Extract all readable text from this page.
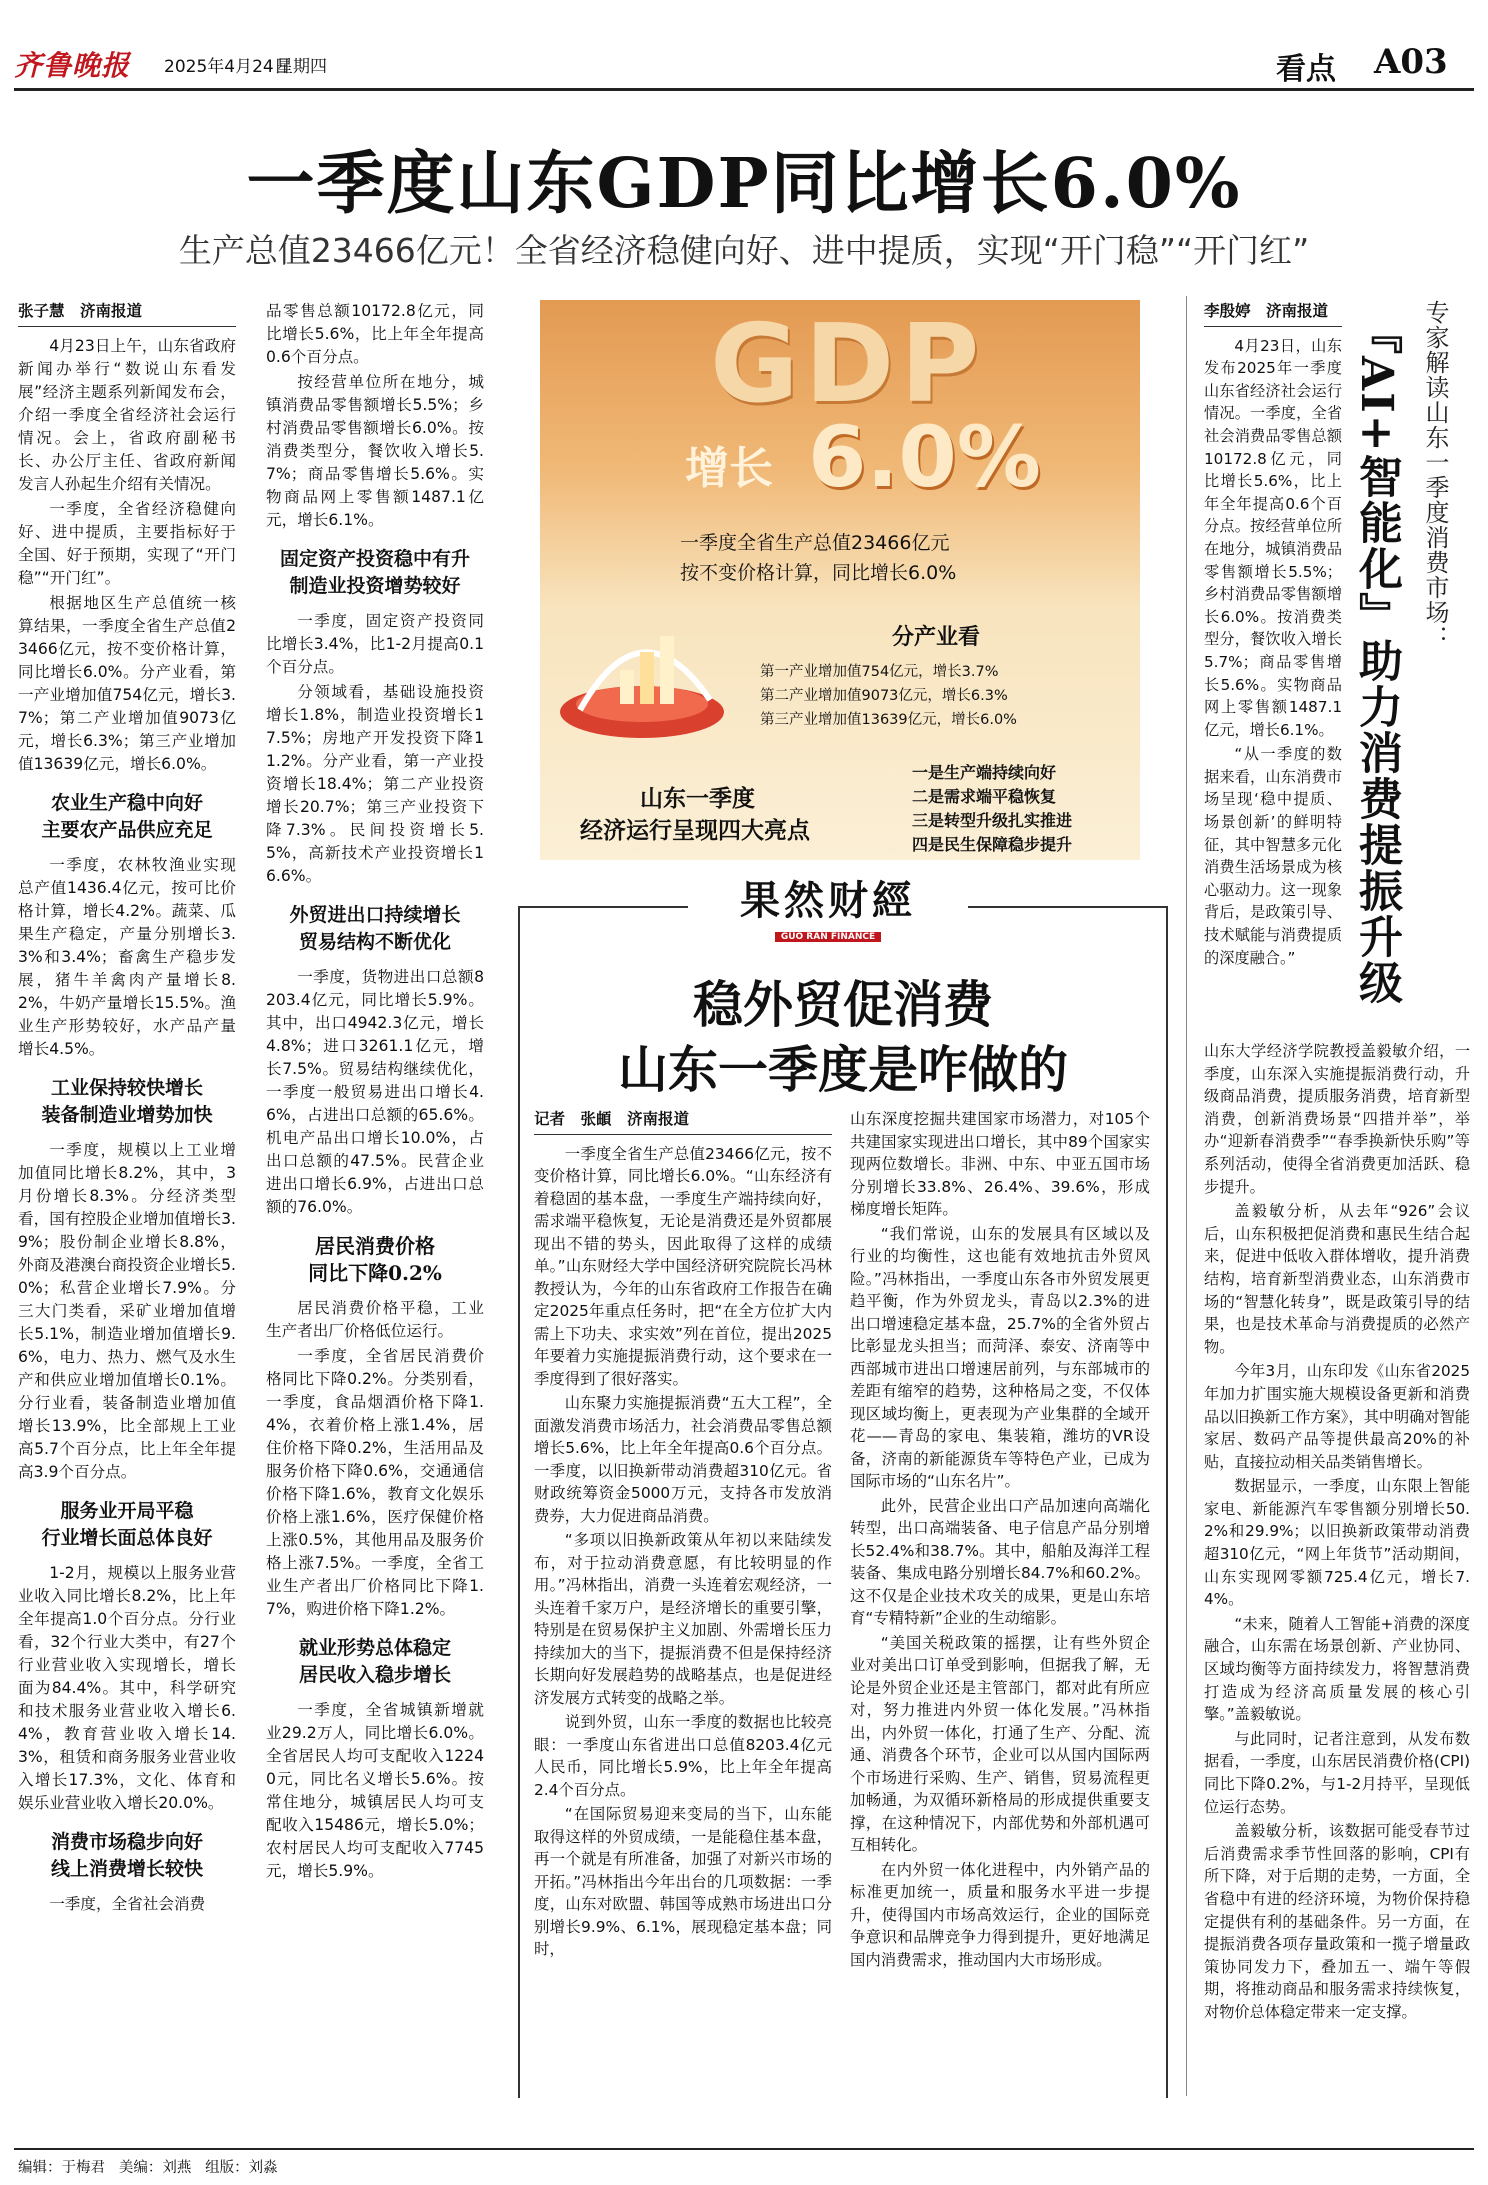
齐鲁晚报 2025年4月24日
星期四	看点 A03
一季度山东GDP同比增长6.0%
生产总值23466亿元！全省经济稳健向好、进中提质，实现“开门稳”“开门红”
张子慧　济南报道

4月23日上午，山东省政府新闻办举行“数说山东看发展”经济主题系列新闻发布会，介绍一季度全省经济社会运行情况。会上，省政府副秘书长、办公厅主任、省政府新闻发言人孙起生介绍有关情况。

一季度，全省经济稳健向好、进中提质，主要指标好于全国、好于预期，实现了“开门稳”“开门红”。

根据地区生产总值统一核算结果，一季度全省生产总值23466亿元，按不变价格计算，同比增长6.0%。分产业看，第一产业增加值754亿元，增长3.7%；第二产业增加值9073亿元，增长6.3%；第三产业增加值13639亿元，增长6.0%。

农业生产稳中向好
主要农产品供应充足

一季度，农林牧渔业实现总产值1436.4亿元，按可比价格计算，增长4.2%。蔬菜、瓜果生产稳定，产量分别增长3.3%和3.4%；畜禽生产稳步发展，猪牛羊禽肉产量增长8.2%，牛奶产量增长15.5%。渔业生产形势较好，水产品产量增长4.5%。

工业保持较快增长
装备制造业增势加快

一季度，规模以上工业增加值同比增长8.2%，其中，3月份增长8.3%。分经济类型看，国有控股企业增加值增长3.9%；股份制企业增长8.8%，外商及港澳台商投资企业增长5.0%；私营企业增长7.9%。分三大门类看，采矿业增加值增长5.1%，制造业增加值增长9.6%，电力、热力、燃气及水生产和供应业增加值增长0.1%。分行业看，装备制造业增加值增长13.9%，比全部规上工业高5.7个百分点，比上年全年提高3.9个百分点。

服务业开局平稳
行业增长面总体良好

1-2月，规模以上服务业营业收入同比增长8.2%，比上年全年提高1.0个百分点。分行业看，32个行业大类中，有27个行业营业收入实现增长，增长面为84.4%。其中，科学研究和技术服务业营业收入增长6.4%，教育营业收入增长14.3%，租赁和商务服务业营业收入增长17.3%，文化、体育和娱乐业营业收入增长20.0%。

消费市场稳步向好
线上消费增长较快

一季度，全省社会消费

品零售总额10172.8亿元，同比增长5.6%，比上年全年提高0.6个百分点。

按经营单位所在地分，城镇消费品零售额增长5.5%；乡村消费品零售额增长6.0%。按消费类型分，餐饮收入增长5.7%；商品零售增长5.6%。实物商品网上零售额1487.1亿元，增长6.1%。

固定资产投资稳中有升
制造业投资增势较好

一季度，固定资产投资同比增长3.4%，比1-2月提高0.1个百分点。

分领域看，基础设施投资增长1.8%，制造业投资增长17.5%；房地产开发投资下降11.2%。分产业看，第一产业投资增长18.4%；第二产业投资增长20.7%；第三产业投资下降7.3%。民间投资增长5.5%，高新技术产业投资增长16.6%。

外贸进出口持续增长
贸易结构不断优化

一季度，货物进出口总额8203.4亿元，同比增长5.9%。其中，出口4942.3亿元，增长4.8%；进口3261.1亿元，增长7.5%。贸易结构继续优化，一季度一般贸易进出口增长4.6%，占进出口总额的65.6%。机电产品出口增长10.0%，占出口总额的47.5%。民营企业进出口增长6.9%，占进出口总额的76.0%。

居民消费价格
同比下降0.2%

居民消费价格平稳，工业生产者出厂价格低位运行。

一季度，全省居民消费价格同比下降0.2%。分类别看，一季度，食品烟酒价格下降1.4%，衣着价格上涨1.4%，居住价格下降0.2%，生活用品及服务价格下降0.6%，交通通信价格下降1.6%，教育文化娱乐价格上涨1.6%，医疗保健价格上涨0.5%，其他用品及服务价格上涨7.5%。一季度，全省工业生产者出厂价格同比下降1.7%，购进价格下降1.2%。

就业形势总体稳定
居民收入稳步增长

一季度，全省城镇新增就业29.2万人，同比增长6.0%。全省居民人均可支配收入12240元，同比名义增长5.6%。按常住地分，城镇居民人均可支配收入15486元，增长5.0%；农村居民人均可支配收入7745元，增长5.9%。

GDP
增长 6.0%
一季度全省生产总值23466亿元
按不变价格计算，同比增长6.0%
分产业看
第一产业增加值754亿元，增长3.7%
第二产业增加值9073亿元，增长6.3%
第三产业增加值13639亿元，增长6.0%
山东一季度
经济运行呈现四大亮点
一是生产端持续向好
二是需求端平稳恢复
三是转型升级扎实推进
四是民生保障稳步提升
果然财經
GUO RAN FINANCE
稳外贸促消费
山东一季度是咋做的
记者　张頔　济南报道

一季度全省生产总值23466亿元，按不变价格计算，同比增长6.0%。“山东经济有着稳固的基本盘，一季度生产端持续向好，需求端平稳恢复，无论是消费还是外贸都展现出不错的势头，因此取得了这样的成绩单。”山东财经大学中国经济研究院院长冯林教授认为，今年的山东省政府工作报告在确定2025年重点任务时，把“在全方位扩大内需上下功夫、求实效”列在首位，提出2025年要着力实施提振消费行动，这个要求在一季度得到了很好落实。

山东聚力实施提振消费“五大工程”，全面激发消费市场活力，社会消费品零售总额增长5.6%，比上年全年提高0.6个百分点。一季度，以旧换新带动消费超310亿元。省财政统筹资金5000万元，支持各市发放消费券，大力促进商品消费。

“多项以旧换新政策从年初以来陆续发布，对于拉动消费意愿，有比较明显的作用。”冯林指出，消费一头连着宏观经济，一头连着千家万户，是经济增长的重要引擎，特别是在贸易保护主义加剧、外需增长压力持续加大的当下，提振消费不但是保持经济长期向好发展趋势的战略基点，也是促进经济发展方式转变的战略之举。

说到外贸，山东一季度的数据也比较亮眼：一季度山东省进出口总值8203.4亿元人民币，同比增长5.9%，比上年全年提高2.4个百分点。

“在国际贸易迎来变局的当下，山东能取得这样的外贸成绩，一是能稳住基本盘，再一个就是有所准备，加强了对新兴市场的开拓。”冯林指出今年出台的几项数据：一季度，山东对欧盟、韩国等成熟市场进出口分别增长9.9%、6.1%，展现稳定基本盘；同时，

山东深度挖掘共建国家市场潜力，对105个共建国家实现进出口增长，其中89个国家实现两位数增长。非洲、中东、中亚五国市场分别增长33.8%、26.4%、39.6%，形成梯度增长矩阵。

“我们常说，山东的发展具有区域以及行业的均衡性，这也能有效地抗击外贸风险。”冯林指出，一季度山东各市外贸发展更趋平衡，作为外贸龙头，青岛以2.3%的进出口增速稳定基本盘，25.7%的全省外贸占比彰显龙头担当；而菏泽、泰安、济南等中西部城市进出口增速居前列，与东部城市的差距有缩窄的趋势，这种格局之变，不仅体现区域均衡上，更表现为产业集群的全域开花——青岛的家电、集装箱，潍坊的VR设备，济南的新能源货车等特色产业，已成为国际市场的“山东名片”。

此外，民营企业出口产品加速向高端化转型，出口高端装备、电子信息产品分别增长52.4%和38.7%。其中，船舶及海洋工程装备、集成电路分别增长84.7%和60.2%。这不仅是企业技术攻关的成果，更是山东培育“专精特新”企业的生动缩影。

“美国关税政策的摇摆，让有些外贸企业对美出口订单受到影响，但据我了解，无论是外贸企业还是主管部门，都对此有所应对，努力推进内外贸一体化发展。”冯林指出，内外贸一体化，打通了生产、分配、流通、消费各个环节，企业可以从国内国际两个市场进行采购、生产、销售，贸易流程更加畅通，为双循环新格局的形成提供重要支撑，在这种情况下，内部优势和外部机遇可互相转化。

在内外贸一体化进程中，内外销产品的标准更加统一，质量和服务水平进一步提升，使得国内市场高效运行，企业的国际竞争意识和品牌竞争力得到提升，更好地满足国内消费需求，推动国内大市场形成。

专家解读山东一季度消费市场：
『AI+智能化』助力消费提振升级
李殷婷　济南报道

4月23日，山东发布2025年一季度山东省经济社会运行情况。一季度，全省社会消费品零售总额10172.8亿元，同比增长5.6%，比上年全年提高0.6个百分点。按经营单位所在地分，城镇消费品零售额增长5.5%；乡村消费品零售额增长6.0%。按消费类型分，餐饮收入增长5.7%；商品零售增长5.6%。实物商品网上零售额1487.1亿元，增长6.1%。

“从一季度的数据来看，山东消费市场呈现‘稳中提质、场景创新’的鲜明特征，其中智慧多元化消费生活场景成为核心驱动力。这一现象背后，是政策引导、技术赋能与消费提质的深度融合。”

山东大学经济学院教授盖毅敏介绍，一季度，山东深入实施提振消费行动，升级商品消费，提质服务消费，培育新型消费，创新消费场景“四措并举”，举办“迎新春消费季”“春季换新快乐购”等系列活动，使得全省消费更加活跃、稳步提升。

盖毅敏分析，从去年“926”会议后，山东积极把促消费和惠民生结合起来，促进中低收入群体增收，提升消费结构，培育新型消费业态，山东消费市场的“智慧化转身”，既是政策引导的结果，也是技术革命与消费提质的必然产物。

今年3月，山东印发《山东省2025年加力扩围实施大规模设备更新和消费品以旧换新工作方案》，其中明确对智能家居、数码产品等提供最高20%的补贴，直接拉动相关品类销售增长。

数据显示，一季度，山东限上智能家电、新能源汽车零售额分别增长50.2%和29.9%；以旧换新政策带动消费超310亿元，“网上年货节”活动期间，山东实现网零额725.4亿元，增长7.4%。

“未来，随着人工智能+消费的深度融合，山东需在场景创新、产业协同、区域均衡等方面持续发力，将智慧消费打造成为经济高质量发展的核心引擎。”盖毅敏说。

与此同时，记者注意到，从发布数据看，一季度，山东居民消费价格(CPI)同比下降0.2%，与1-2月持平，呈现低位运行态势。

盖毅敏分析，该数据可能受春节过后消费需求季节性回落的影响，CPI有所下降，对于后期的走势，一方面，全省稳中有进的经济环境，为物价保持稳定提供有利的基础条件。另一方面，在提振消费各项存量政策和一揽子增量政策协同发力下，叠加五一、端午等假期，将推动商品和服务需求持续恢复，对物价总体稳定带来一定支撑。

编辑：于梅君 美编：刘燕 组版：刘淼
